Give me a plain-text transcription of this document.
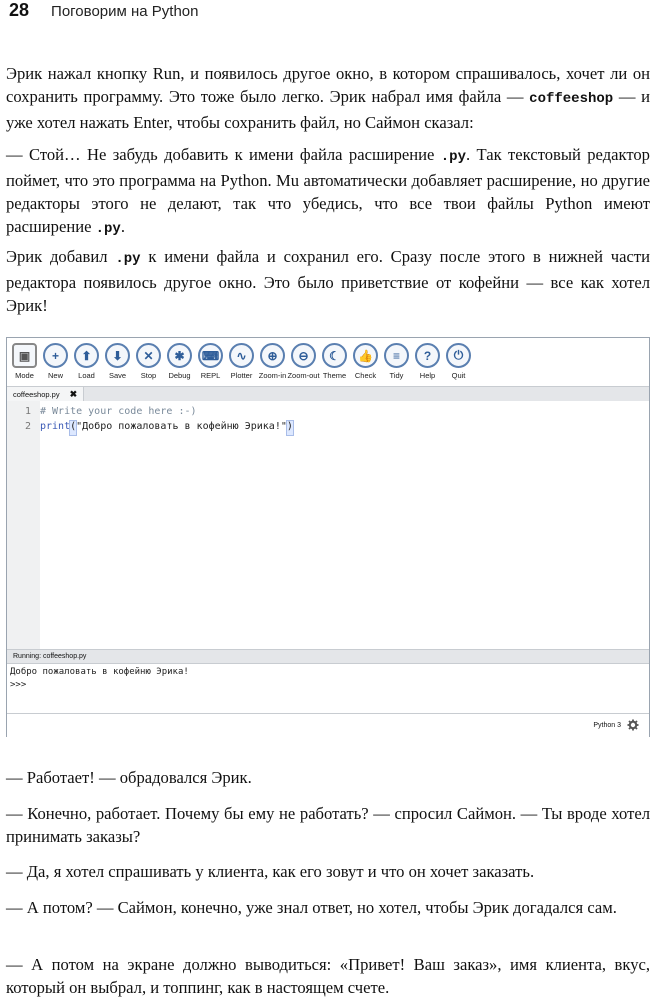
28 Поговорим на Python

Эрик нажал кнопку Run, и появилось другое окно, в котором спрашивалось, хочет ли он сохранить программу. Это тоже было легко. Эрик набрал имя файла — coffeeshop — и уже хотел нажать Enter, чтобы сохранить файл, но Саймон сказал:

— Стой… Не забудь добавить к имени файла расширение .py. Так текстовый редактор поймет, что это программа на Python. Mu автоматически добавляет расширение, но другие редакторы этого не делают, так что убедись, что все твои файлы Python имеют расширение .py.

Эрик добавил .py к имени файла и сохранил его. Сразу после этого в нижней части редактора появилось другое окно. Это было приветствие от кофейни — все как хотел Эрик!

▣
Mode
+
New
⬆
Load
⬇
Save
✕
Stop
✱
Debug
⌨
REPL
∿
Plotter
⊕
Zoom-in
⊖
Zoom-out
☾
Theme
👍
Check
≡
Tidy
?
Help
⏻
Quit
coffeeshop.py ✖
1 # Write your code here :-)
2 print ( "Добро пожаловать в кофейню Эрика!" )
Running: coffeeshop.py
Добро пожаловать в кофейню Эрика!
>>>
Python 3

— Работает! — обрадовался Эрик.

— Конечно, работает. Почему бы ему не работать? — спросил Саймон. — Ты вроде хотел принимать заказы?

— Да, я хотел спрашивать у клиента, как его зовут и что он хочет заказать.

— А потом? — Саймон, конечно, уже знал ответ, но хотел, чтобы Эрик догадался сам.

— А потом на экране должно выводиться: «Привет! Ваш заказ», имя клиента, вкус, который он выбрал, и топпинг, как в настоящем счете.
